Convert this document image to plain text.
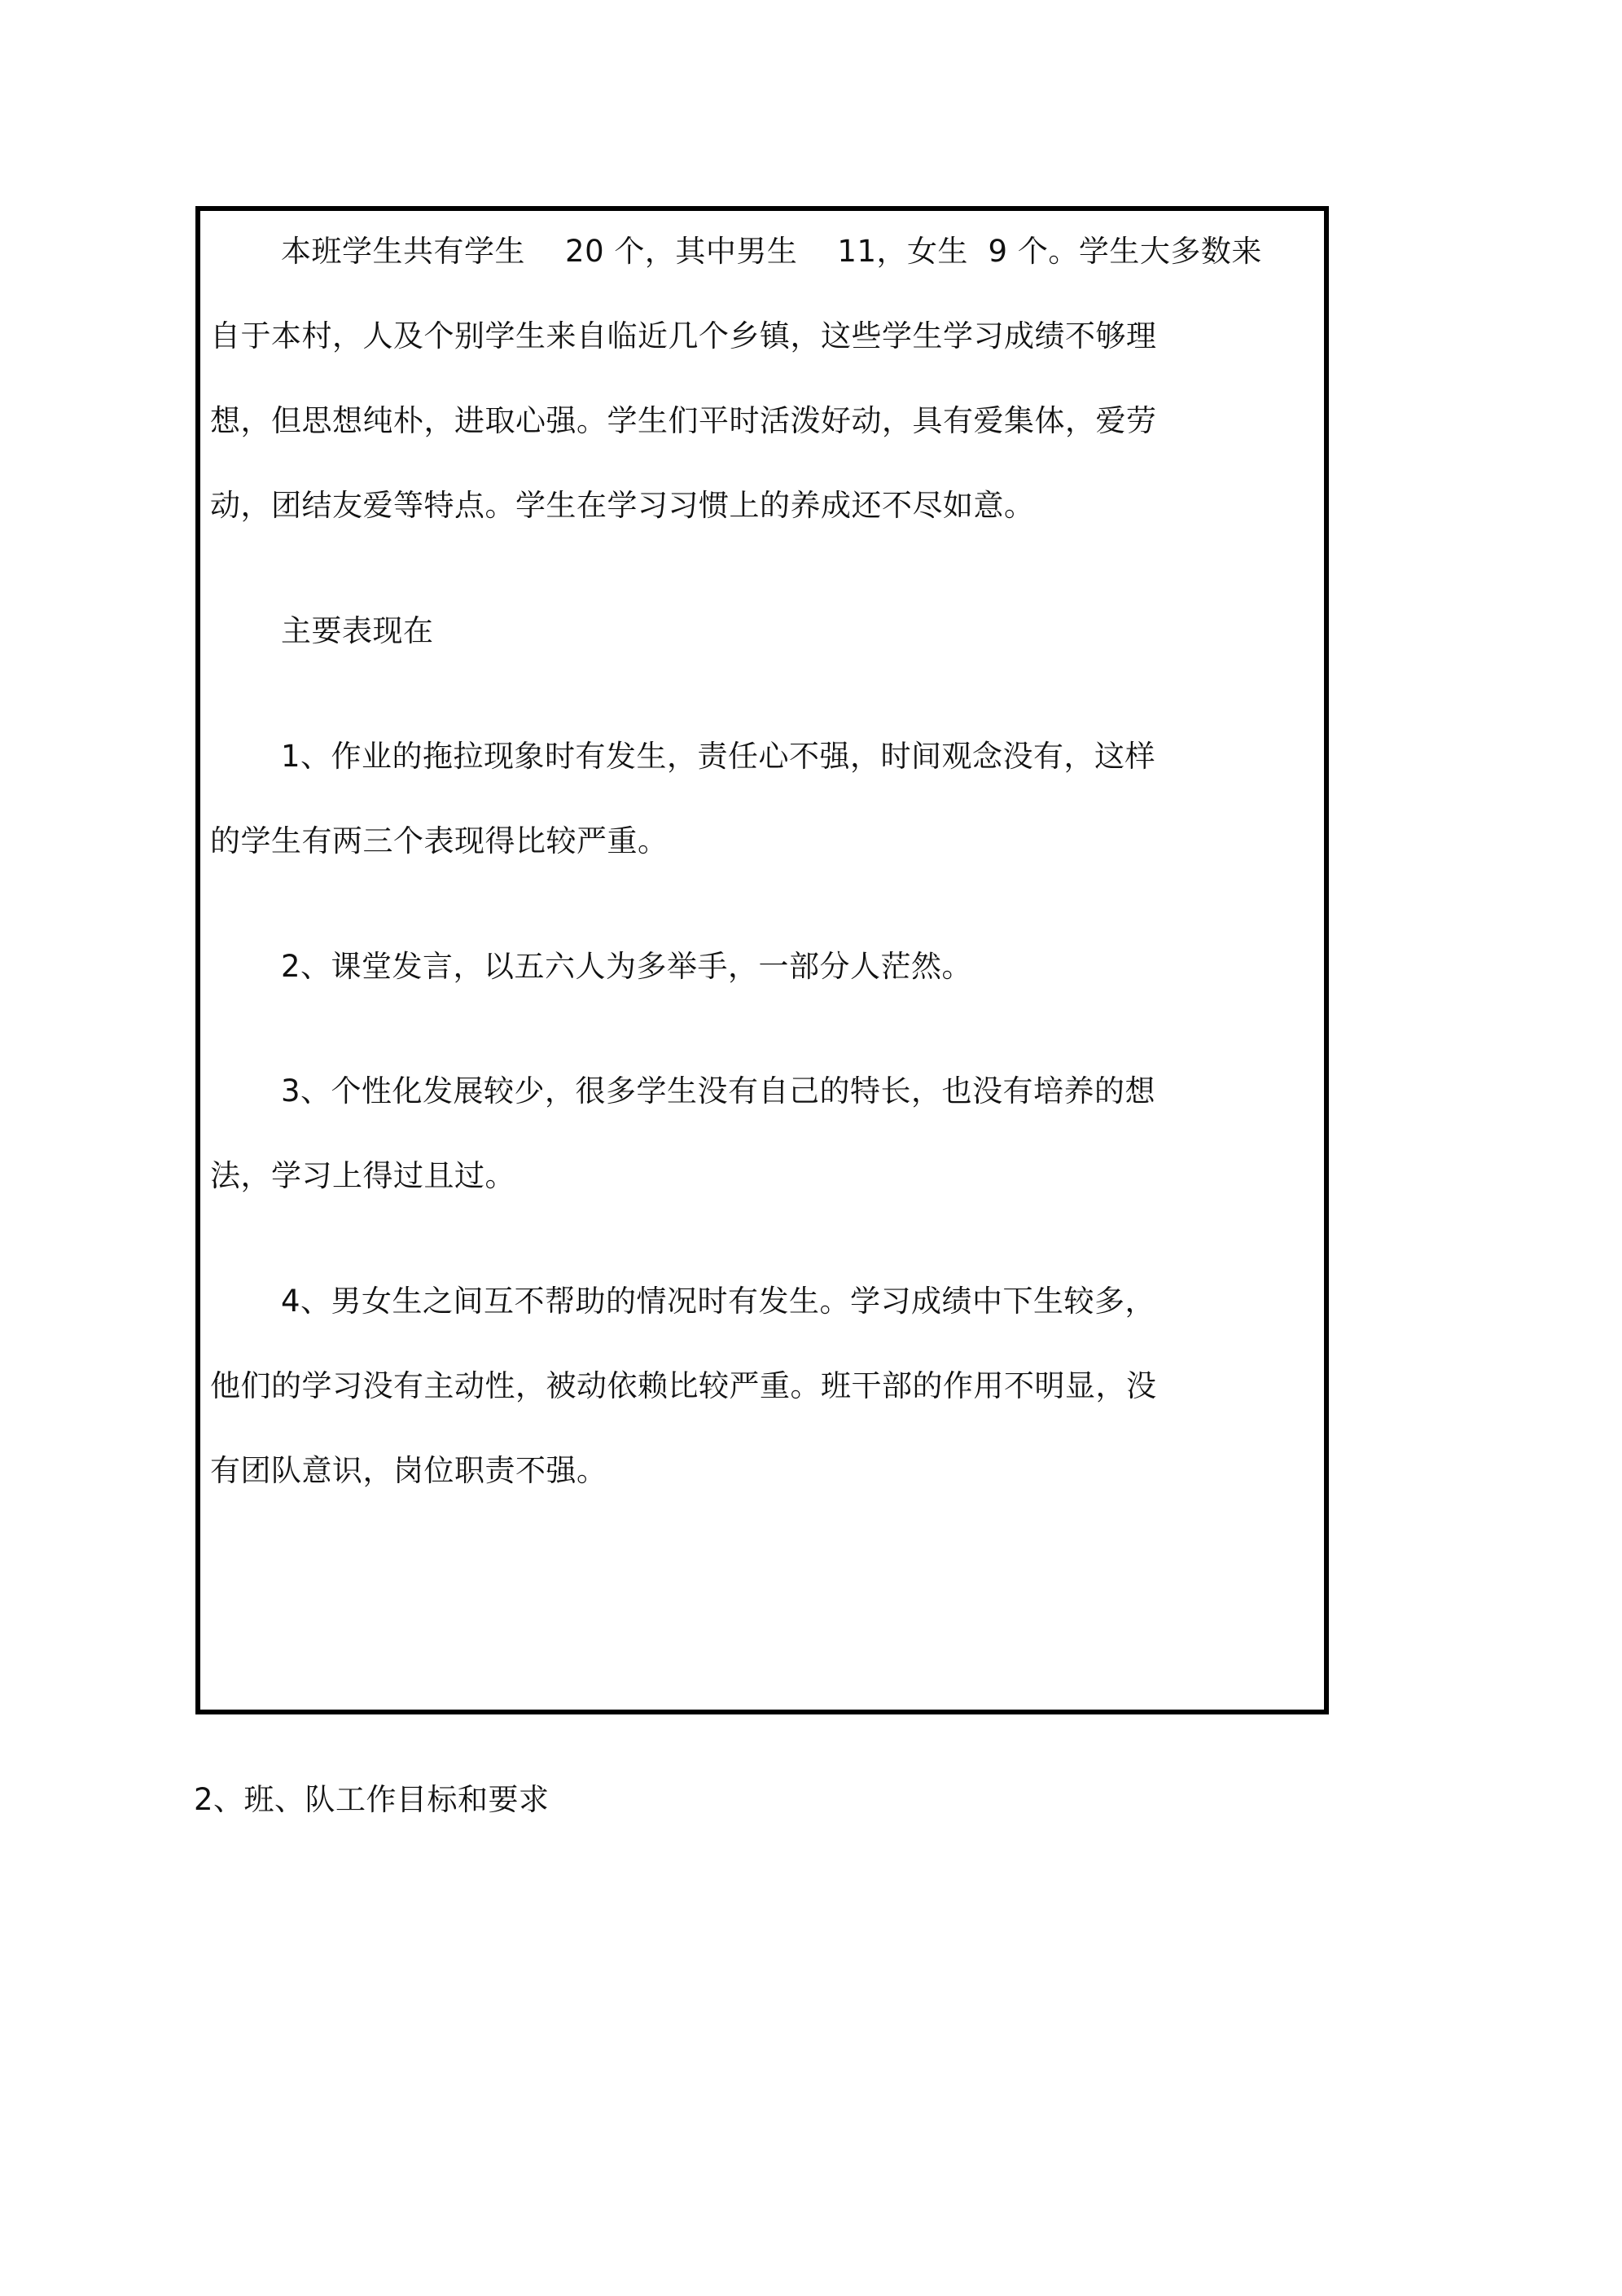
本班学生共有学生    20 个，其中男生    11，女生  9 个。学生大多数来
自于本村，人及个别学生来自临近几个乡镇，这些学生学习成绩不够理
想，但思想纯朴，进取心强。学生们平时活泼好动，具有爱集体，爱劳
动，团结友爱等特点。学生在学习习惯上的养成还不尽如意。
主要表现在
1、作业的拖拉现象时有发生，责任心不强，时间观念没有，这样
的学生有两三个表现得比较严重。
2、课堂发言，以五六人为多举手，一部分人茫然。
3、个性化发展较少，很多学生没有自己的特长，也没有培养的想
法，学习上得过且过。
4、男女生之间互不帮助的情况时有发生。学习成绩中下生较多，
他们的学习没有主动性，被动依赖比较严重。班干部的作用不明显，没
有团队意识，岗位职责不强。
2、班、队工作目标和要求
